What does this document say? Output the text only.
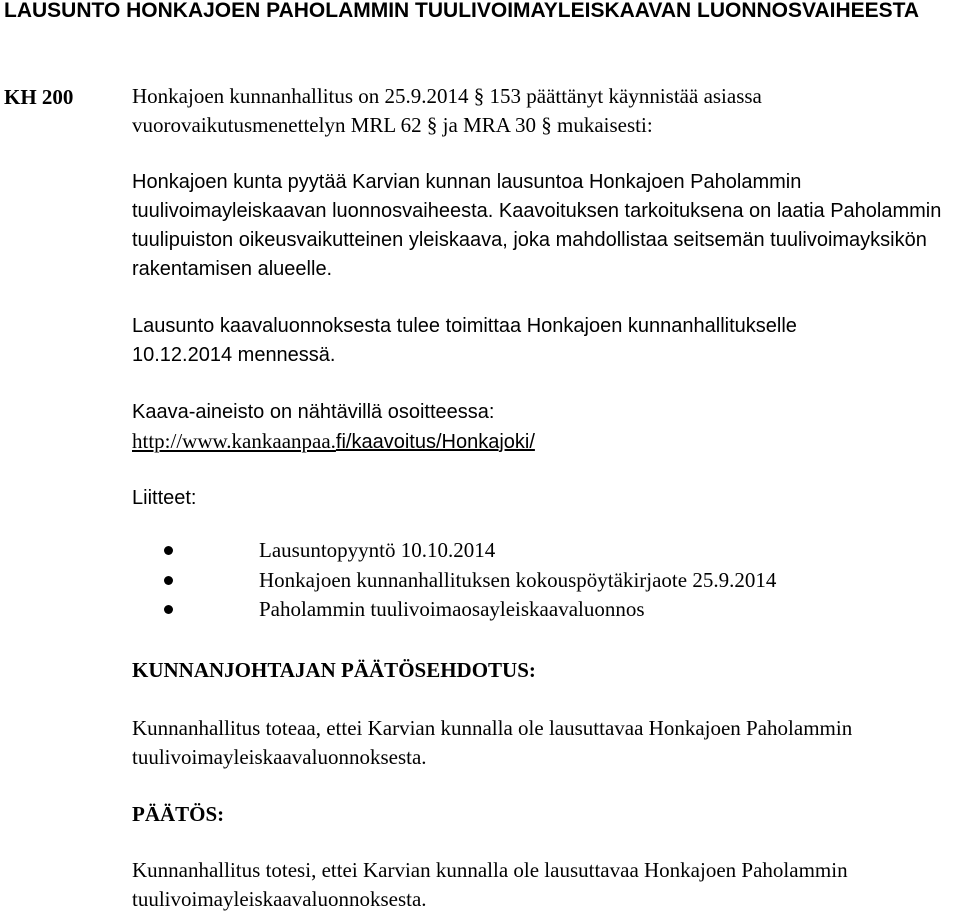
LAUSUNTO HONKAJOEN PAHOLAMMIN TUULIVOIMAYLEISKAAVAN LUONNOSVAIHEESTA
KH 200	Honkajoen kunnanhallitus on 25.9.2014 § 153 päättänyt käynnistää asiassa vuorovaikutusmenettelyn MRL 62 § ja MRA 30 § mukaisesti:
Honkajoen kunta pyytää Karvian kunnan lausuntoa Honkajoen Paholammin tuulivoimayleiskaavan luonnosvaiheesta. Kaavoituksen tarkoituksena on laatia Paholammin tuulipuiston oikeusvaikutteinen yleiskaava, joka mahdollistaa seitsemän tuulivoimayksikön rakentamisen alueelle.

Lausunto kaavaluonnoksesta tulee toimittaa Honkajoen kunnanhallitukselle

10.12.2014 mennessä.

Kaava-aineisto on nähtävillä osoitteessa:

http://www.kankaanpaa.fi/kaavoitus/Honkajoki/

Liitteet:
Lausuntopyyntö 10.10.2014
Honkajoen kunnanhallituksen kokouspöytäkirjaote 25.9.2014
Paholammin tuulivoimaosayleiskaavaluonnos
KUNNANJOHTAJAN PÄÄTÖSEHDOTUS:
Kunnanhallitus toteaa, ettei Karvian kunnalla ole lausuttavaa Honkajoen Paholammin tuulivoimayleiskaavaluonnoksesta.
PÄÄTÖS:
Kunnanhallitus totesi, ettei Karvian kunnalla ole lausuttavaa Honkajoen Paholammin tuulivoimayleiskaavaluonnoksesta.
